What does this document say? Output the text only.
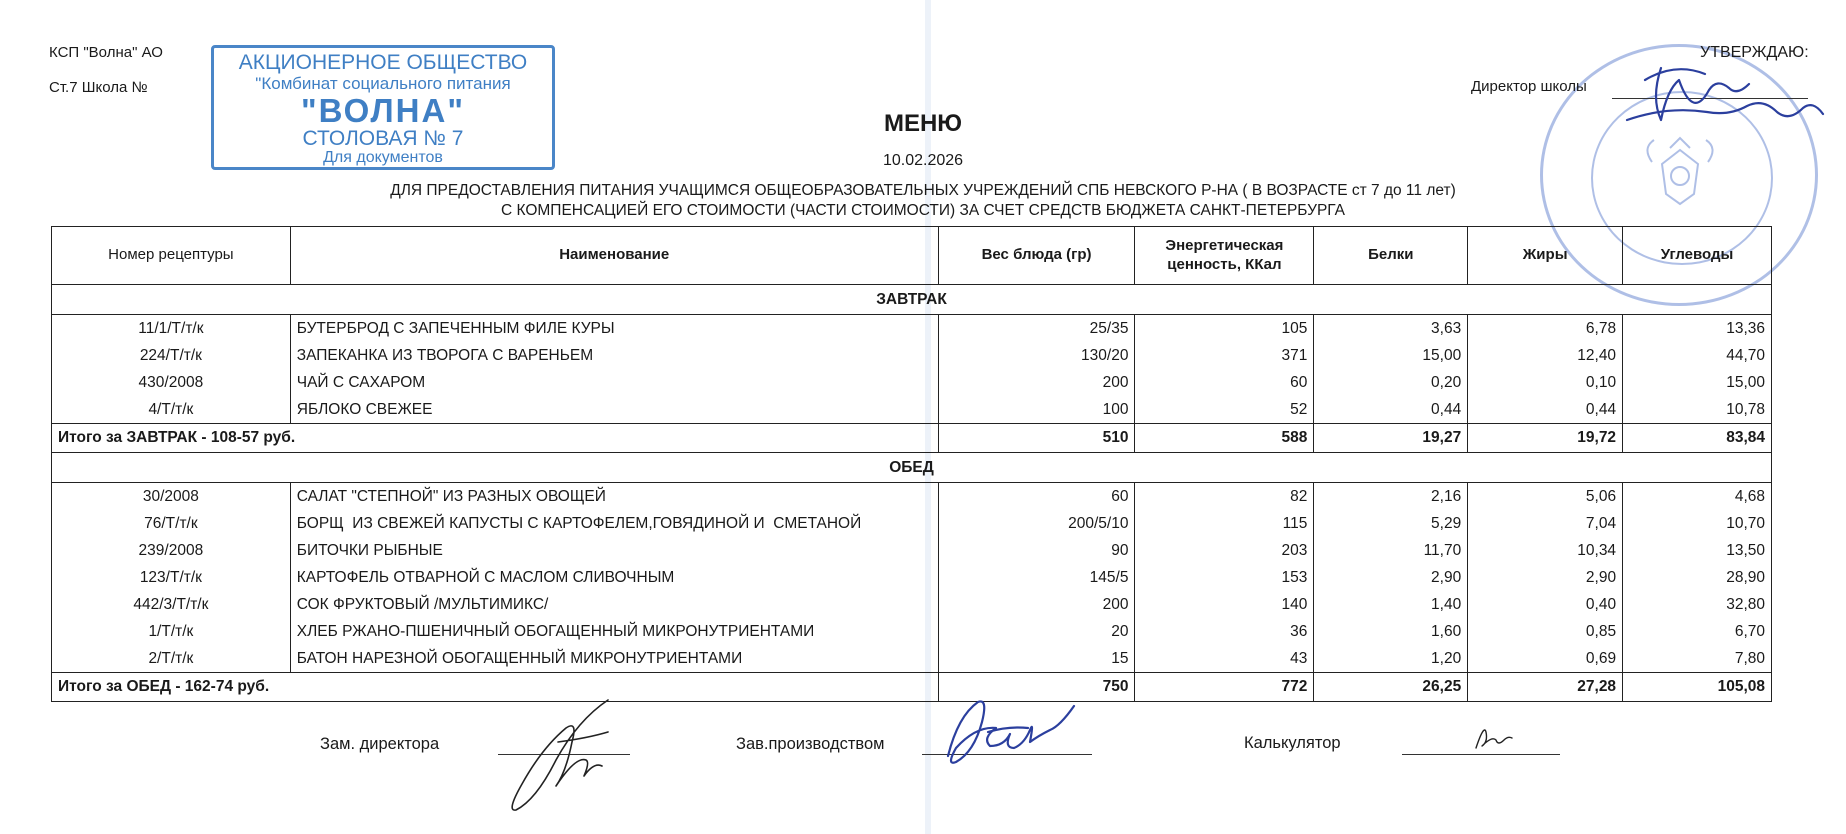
КСП "Волна" АО
Ст.7 Школа №
АКЦИОНЕРНОЕ ОБЩЕСТВО
"Комбинат социального питания
"ВОЛНА"
СТОЛОВАЯ № 7
Для документов
УТВЕРЖДАЮ:
Директор школы
МЕНЮ
10.02.2026
ДЛЯ ПРЕДОСТАВЛЕНИЯ ПИТАНИЯ УЧАЩИМСЯ ОБЩЕОБРАЗОВАТЕЛЬНЫХ УЧРЕЖДЕНИЙ СПБ НЕВСКОГО Р-НА ( В ВОЗРАСТЕ ст 7 до 11 лет)
С КОМПЕНСАЦИЕЙ ЕГО СТОИМОСТИ (ЧАСТИ СТОИМОСТИ) ЗА СЧЕТ СРЕДСТВ БЮДЖЕТА САНКТ-ПЕТЕРБУРГА
Номер рецептуры	Наименование	Вес блюда (гр)	Энергетическая ценность, ККал	Белки	Жиры	Углеводы
ЗАВТРАК						
11/1/Т/т/к	БУТЕРБРОД С ЗАПЕЧЕННЫМ ФИЛЕ КУРЫ	25/35	105	3,63	6,78	13,36
224/Т/т/к	ЗАПЕКАНКА ИЗ ТВОРОГА С ВАРЕНЬЕМ	130/20	371	15,00	12,40	44,70
430/2008	ЧАЙ С САХАРОМ	200	60	0,20	0,10	15,00
4/Т/т/к	ЯБЛОКО СВЕЖЕЕ	100	52	0,44	0,44	10,78
Итого за ЗАВТРАК - 108-57 руб.		510	588	19,27	19,72	83,84
ОБЕД						
30/2008	САЛАТ "СТЕПНОЙ" ИЗ РАЗНЫХ ОВОЩЕЙ	60	82	2,16	5,06	4,68
76/Т/т/к	БОРЩ  ИЗ СВЕЖЕЙ КАПУСТЫ С КАРТОФЕЛЕМ,ГОВЯДИНОЙ И  СМЕТАНОЙ	200/5/10	115	5,29	7,04	10,70
239/2008	БИТОЧКИ РЫБНЫЕ	90	203	11,70	10,34	13,50
123/Т/т/к	КАРТОФЕЛЬ ОТВАРНОЙ С МАСЛОМ СЛИВОЧНЫМ	145/5	153	2,90	2,90	28,90
442/3/Т/т/к	СОК ФРУКТОВЫЙ /МУЛЬТИМИКС/	200	140	1,40	0,40	32,80
1/Т/т/к	ХЛЕБ РЖАНО-ПШЕНИЧНЫЙ ОБОГАЩЕННЫЙ МИКРОНУТРИЕНТАМИ	20	36	1,60	0,85	6,70
2/Т/т/к	БАТОН НАРЕЗНОЙ ОБОГАЩЕННЫЙ МИКРОНУТРИЕНТАМИ	15	43	1,20	0,69	7,80
Итого за ОБЕД - 162-74 руб.		750	772	26,25	27,28	105,08
Зам. директора	Зав.производством	Калькулятор
